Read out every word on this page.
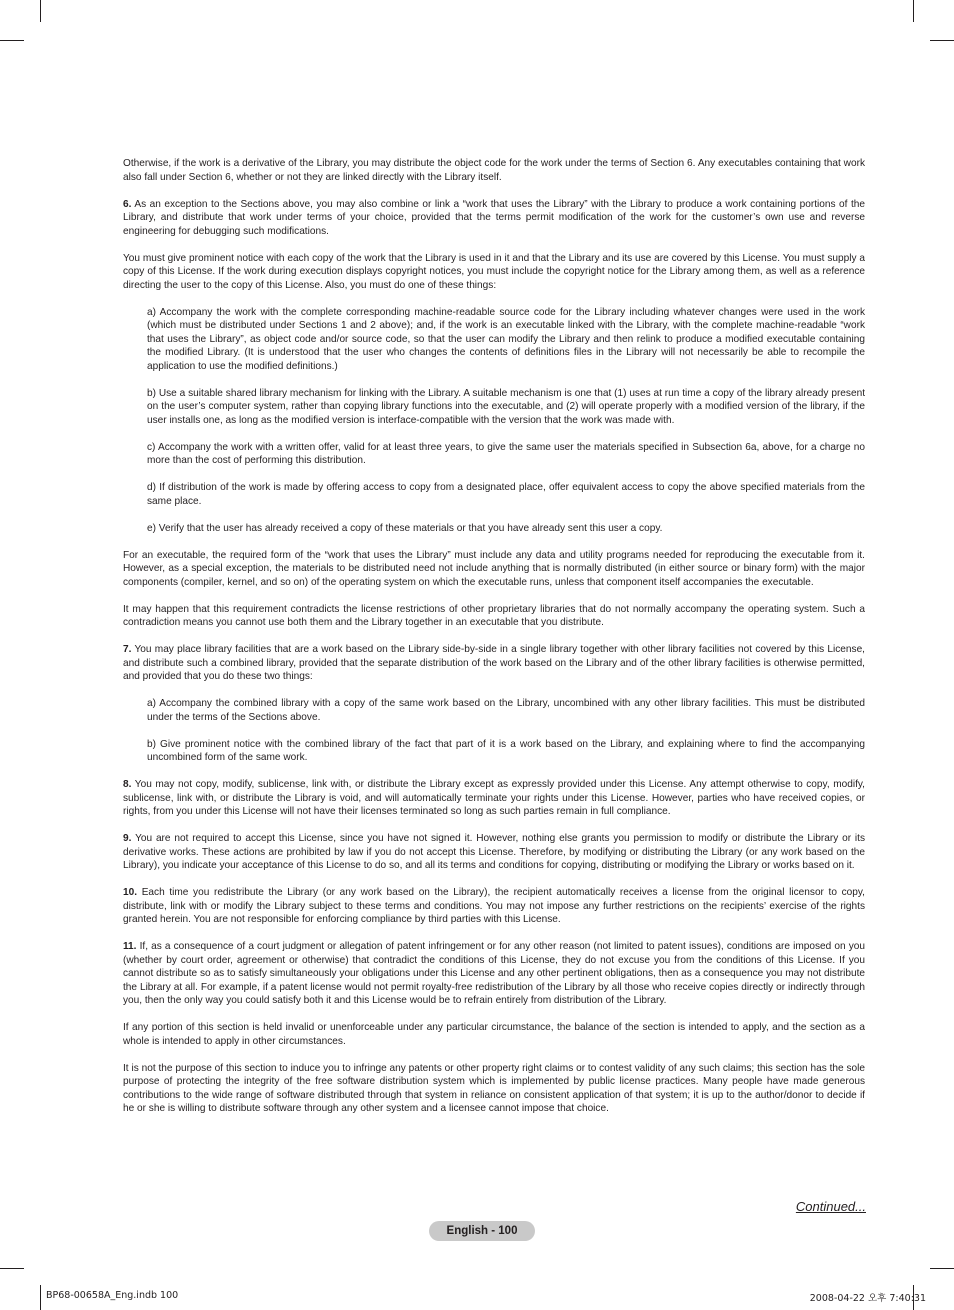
Otherwise, if the work is a derivative of the Library, you may distribute the object code for the work under the terms of Section 6. Any executables containing that work also fall under Section 6, whether or not they are linked directly with the Library itself.

6. As an exception to the Sections above, you may also combine or link a “work that uses the Library” with the Library to produce a work containing portions of the Library, and distribute that work under terms of your choice, provided that the terms permit modification of the work for the customer’s own use and reverse engineering for debugging such modifications.

You must give prominent notice with each copy of the work that the Library is used in it and that the Library and its use are covered by this License. You must supply a copy of this License. If the work during execution displays copyright notices, you must include the copyright notice for the Library among them, as well as a reference directing the user to the copy of this License. Also, you must do one of these things:

a) Accompany the work with the complete corresponding machine-readable source code for the Library including whatever changes were used in the work (which must be distributed under Sections 1 and 2 above); and, if the work is an executable linked with the Library, with the complete machine-readable “work that uses the Library”, as object code and/or source code, so that the user can modify the Library and then relink to produce a modified executable containing the modified Library. (It is understood that the user who changes the contents of definitions files in the Library will not necessarily be able to recompile the application to use the modified definitions.)

b) Use a suitable shared library mechanism for linking with the Library. A suitable mechanism is one that (1) uses at run time a copy of the library already present on the user’s computer system, rather than copying library functions into the executable, and (2) will operate properly with a modified version of the library, if the user installs one, as long as the modified version is interface-compatible with the version that the work was made with.

c) Accompany the work with a written offer, valid for at least three years, to give the same user the materials specified in Subsection 6a, above, for a charge no more than the cost of performing this distribution.

d) If distribution of the work is made by offering access to copy from a designated place, offer equivalent access to copy the above specified materials from the same place.

e) Verify that the user has already received a copy of these materials or that you have already sent this user a copy.

For an executable, the required form of the “work that uses the Library” must include any data and utility programs needed for reproducing the executable from it. However, as a special exception, the materials to be distributed need not include anything that is normally distributed (in either source or binary form) with the major components (compiler, kernel, and so on) of the operating system on which the executable runs, unless that component itself accompanies the executable.

It may happen that this requirement contradicts the license restrictions of other proprietary libraries that do not normally accompany the operating system. Such a contradiction means you cannot use both them and the Library together in an executable that you distribute.

7. You may place library facilities that are a work based on the Library side-by-side in a single library together with other library facilities not covered by this License, and distribute such a combined library, provided that the separate distribution of the work based on the Library and of the other library facilities is otherwise permitted, and provided that you do these two things:

a) Accompany the combined library with a copy of the same work based on the Library, uncombined with any other library facilities. This must be distributed under the terms of the Sections above.

b) Give prominent notice with the combined library of the fact that part of it is a work based on the Library, and explaining where to find the accompanying uncombined form of the same work.

8. You may not copy, modify, sublicense, link with, or distribute the Library except as expressly provided under this License. Any attempt otherwise to copy, modify, sublicense, link with, or distribute the Library is void, and will automatically terminate your rights under this License. However, parties who have received copies, or rights, from you under this License will not have their licenses terminated so long as such parties remain in full compliance.

9. You are not required to accept this License, since you have not signed it. However, nothing else grants you permission to modify or distribute the Library or its derivative works. These actions are prohibited by law if you do not accept this License. Therefore, by modifying or distributing the Library (or any work based on the Library), you indicate your acceptance of this License to do so, and all its terms and conditions for copying, distributing or modifying the Library or works based on it.

10. Each time you redistribute the Library (or any work based on the Library), the recipient automatically receives a license from the original licensor to copy, distribute, link with or modify the Library subject to these terms and conditions. You may not impose any further restrictions on the recipients’ exercise of the rights granted herein. You are not responsible for enforcing compliance by third parties with this License.

11. If, as a consequence of a court judgment or allegation of patent infringement or for any other reason (not limited to patent issues), conditions are imposed on you (whether by court order, agreement or otherwise) that contradict the conditions of this License, they do not excuse you from the conditions of this License. If you cannot distribute so as to satisfy simultaneously your obligations under this License and any other pertinent obligations, then as a consequence you may not distribute the Library at all. For example, if a patent license would not permit royalty-free redistribution of the Library by all those who receive copies directly or indirectly through you, then the only way you could satisfy both it and this License would be to refrain entirely from distribution of the Library.

If any portion of this section is held invalid or unenforceable under any particular circumstance, the balance of the section is intended to apply, and the section as a whole is intended to apply in other circumstances.

It is not the purpose of this section to induce you to infringe any patents or other property right claims or to contest validity of any such claims; this section has the sole purpose of protecting the integrity of the free software distribution system which is implemented by public license practices. Many people have made generous contributions to the wide range of software distributed through that system in reliance on consistent application of that system; it is up to the author/donor to decide if he or she is willing to distribute software through any other system and a licensee cannot impose that choice.

Continued...
English - 100
BP68-00658A_Eng.indb 100	2008-04-22 오후 7:40:31
